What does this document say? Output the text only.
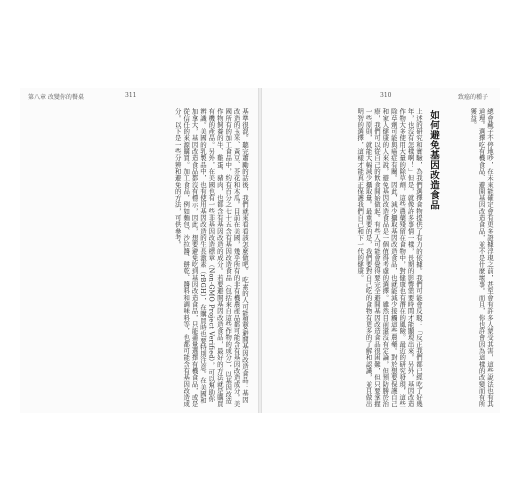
第八章 改變你的餐桌	311
基準很混。聽完蕭勵的話後，我們就來看看該怎麼做吧。 吃素的人可能想要避開基因改造食品：基因改造的玉米、黃豆、芥花和木瓜。目前在美國，幾乎所有的非有機農產品都可能含有基因改造成分。美國所有的加工食品中，約有百分之七十五含有基因改造食品（包括來自這些作物的成分），以基因改造作物飼養的牛、雞蛋、豬肉，也都含有基因改造的成分。若要避開基因改造食品，最好的方法就是購買有機的產品。另外，在美國也有一些非基因改造標章（Non-GMO Project Verified），可以幫助你辨識。美國的乳製品中，也有使用基因改造的生長激素（rBGH），在購買時也要特別注意。在美國和加拿大，基因改造食品都沒有標示，因此，想要避免吃到基因改造食品，只能盡量選擇有機食品，或是從信任的來源購買。加工食品，例如麵包、沙拉醬、餅乾、醬料和調味料等，也都可能含有基因改造成分。以下是一些分辨和避免的方法，可供參考。
310	致癌的種子
總會藏子不停地吵，在未來能確定會有更多證據浮現之前，甚至會有許多人蒙受其害，這些說法也有其道理。選擇吃有機食品、避開基因改造食品，並不是什麼壞事。而且，你也許會因為這樣的改變而有所獲益。
如何避免基因改造食品
上述的研究和實驗，為我們選擇食物提供了有力的依據。我們可能會反駁：「反正我們都已經吃了好幾年，也沒有怎樣啊！」但是，就像許多事情一樣，長期的影響需要時間才能顯現出來。另外，基因改造作物大多使用大量的除草劑，這些農藥殘留在食物中，對健康也有潛在的風險。最近的研究發現，這些除草劑可能與癌症有關。因此，減少攝取基因改造食品，也就能減少接觸這些農藥。對於想要保護自己和家人健康的人來說，避免基因改造食品是一個值得考慮的選擇。雖然目前還沒有定論，但預防勝於治療，我們可以從自己的飲食開始做起。有些人可能會覺得要完全避開基因改造食品很困難，但只要掌握一些原則，就能大幅減少攝取量。最重要的是，我們要對自己吃的食物有更多的了解和認識，並且做出明智的選擇，這樣才能真正保護我們自己和下一代的健康。
